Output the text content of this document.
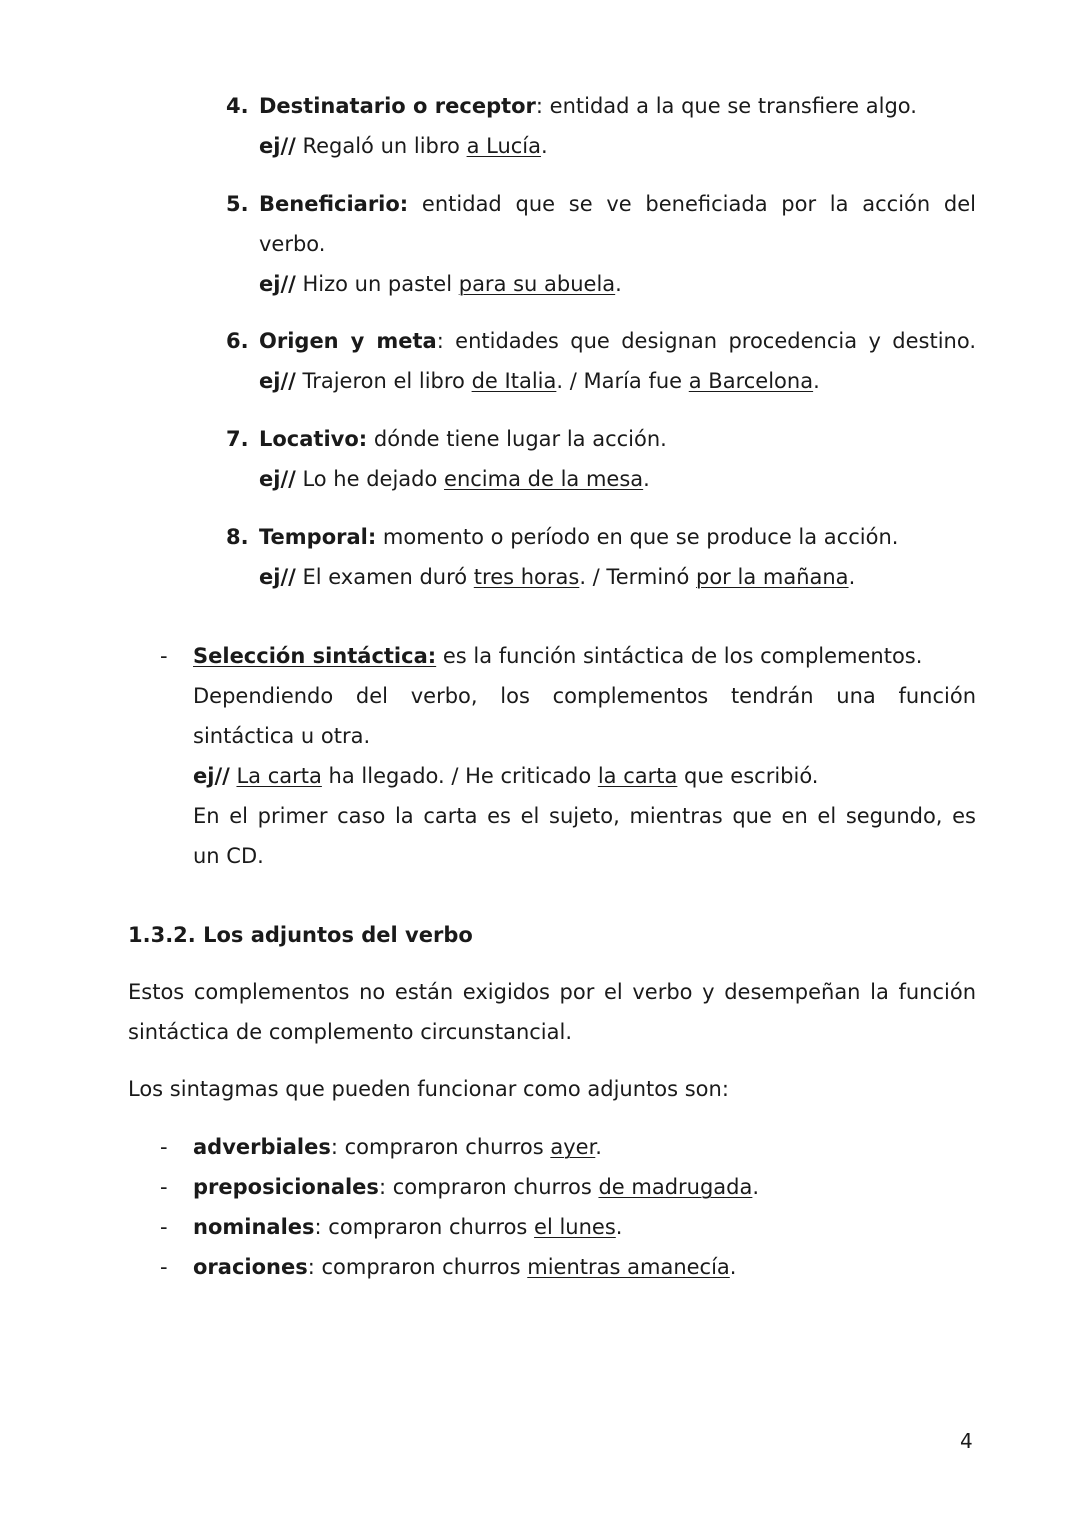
4. Destinatario o receptor: entidad a la que se transfiere algo.
ej// Regaló un libro a Lucía.
5. Beneficiario: entidad que se ve beneficiada por la acción del
verbo.
ej// Hizo un pastel para su abuela.
6. Origen y meta: entidades que designan procedencia y destino.
ej// Trajeron el libro de Italia. / María fue a Barcelona.
7. Locativo: dónde tiene lugar la acción.
ej// Lo he dejado encima de la mesa.
8. Temporal: momento o período en que se produce la acción.
ej// El examen duró tres horas. / Terminó por la mañana.
- Selección sintáctica: es la función sintáctica de los complementos.
Dependiendo del verbo, los complementos tendrán una función
sintáctica u otra.
ej// La carta ha llegado. / He criticado la carta que escribió.
En el primer caso la carta es el sujeto, mientras que en el segundo, es
un CD.
1.3.2. Los adjuntos del verbo
Estos complementos no están exigidos por el verbo y desempeñan la función
sintáctica de complemento circunstancial.
Los sintagmas que pueden funcionar como adjuntos son:
- adverbiales: compraron churros ayer.
- preposicionales: compraron churros de madrugada.
- nominales: compraron churros el lunes.
- oraciones: compraron churros mientras amanecía.
4
